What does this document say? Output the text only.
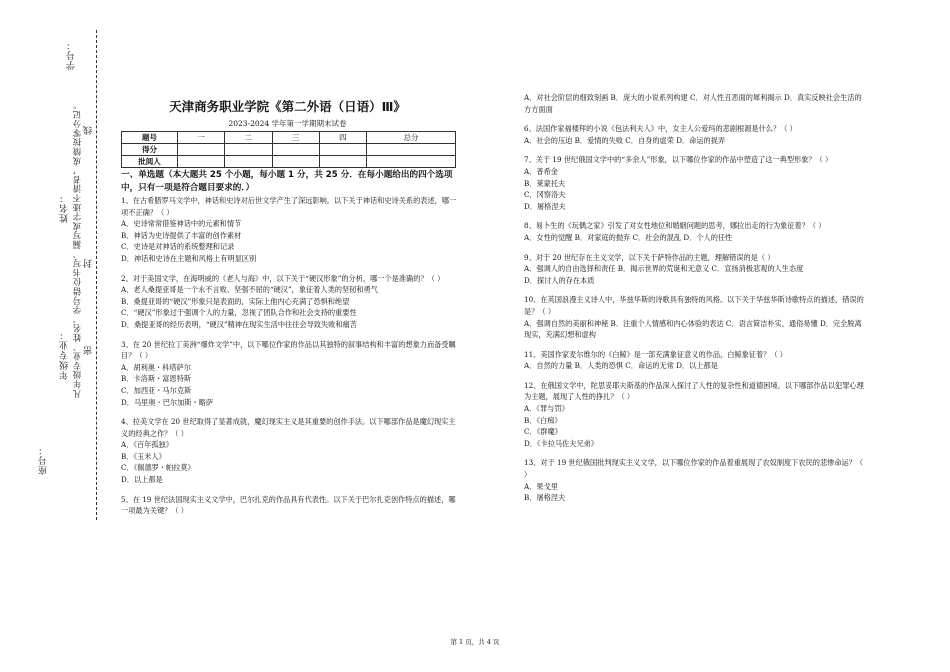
座号：
姓名：
年级专业：
学号：
凡年级专业、姓名、学号错位书写、漏写或字迹不清者，成绩按零分记。 密
封
线
天津商务职业学院《第二外语（日语）Ⅲ》
2023-2024 学年第一学期期末试卷
题号	一	二	三	四	总分
得分					
批阅人					
一、单选题（本大题共 25 个小题，每小题 1 分，共 25 分．在每小题给出的四个选项中，只有一项是符合题目要求的．）

1、在古希腊罗马文学中，神话和史诗对后世文学产生了深远影响。以下关于神话和史诗关系的表述，哪一项不正确？（ ）

A．史诗常常借鉴神话中的元素和情节

B．神话为史诗提供了丰富的创作素材

C．史诗是对神话的系统整理和记录

D．神话和史诗在主题和风格上有明显区别

2、对于美国文学，在海明威的《老人与海》中，以下关于“硬汉形象”的分析，哪一个是准确的？（ ）

A．老人桑提亚哥是一个永不言败、坚强不屈的“硬汉”，象征着人类的坚韧和勇气

B．桑提亚哥的“硬汉”形象只是表面的，实际上他内心充满了恐惧和绝望

C．“硬汉”形象过于强调个人的力量，忽视了团队合作和社会支持的重要性

D．桑提亚哥的经历表明，“硬汉”精神在现实生活中往往会导致失败和痛苦

3、在 20 世纪拉丁美洲“爆炸文学”中，以下哪位作家的作品以其独特的叙事结构和丰富的想象力而备受瞩目？（ ）

A．胡利奥・科塔萨尔

B．卡洛斯・富恩特斯

C．加西亚・马尔克斯

D．马里奥・巴尔加斯・略萨

4、拉美文学在 20 世纪取得了显著成就，魔幻现实主义是其重要的创作手法。以下哪部作品是魔幻现实主义的经典之作？（ ）

A．《百年孤独》

B．《玉米人》

C．《佩德罗・帕拉莫》

D．以上都是

5、在 19 世纪法国现实主义文学中，巴尔扎克的作品具有代表性。以下关于巴尔扎克创作特点的描述，哪一项最为关键？（ ）

A．对社会阶层的细致刻画 B．庞大的小说系列构建 C．对人性丑恶面的犀利揭示 D．真实反映社会生活的方方面面

6、法国作家福楼拜的小说《包法利夫人》中，女主人公爱玛的悲剧根源是什么？（ ）

A．社会的压迫 B．爱情的失败 C．自身的虚荣 D．命运的捉弄

7、关于 19 世纪俄国文学中的“多余人”形象，以下哪位作家的作品中塑造了这一典型形象？（ ）

A．普希金

B．莱蒙托夫

C．冈察洛夫

D．屠格涅夫

8、易卜生的《玩偶之家》引发了对女性地位和婚姻问题的思考，娜拉出走的行为象征着？（ ）

A．女性的觉醒 B．对家庭的抛弃 C．社会的混乱 D．个人的任性

9、对于 20 世纪存在主义文学，以下关于萨特作品的主题，理解错误的是（ ）

A．强调人的自由选择和责任 B．揭示世界的荒诞和无意义 C．宣扬消极悲观的人生态度

D．探讨人的存在本质

10、在英国浪漫主义诗人中，华兹华斯的诗歌具有独特的风格。以下关于华兹华斯诗歌特点的描述，错误的是？（ ）

A．强调自然的美丽和神秘 B．注重个人情感和内心体验的表达 C．语言简洁朴实，通俗易懂 D．完全脱离现实，充满幻想和虚构

11、美国作家麦尔维尔的《白鲸》是一部充满象征意义的作品，白鲸象征着？（ ）

A．自然的力量 B．人类的恐惧 C．命运的无常 D．以上都是

12、在俄国文学中，陀思妥耶夫斯基的作品深入探讨了人性的复杂性和道德困境。以下哪部作品以犯罪心理为主题，展现了人性的挣扎？（ ）

A．《罪与罚》

B．《白痴》

C．《群魔》

D．《卡拉马佐夫兄弟》

13、对于 19 世纪俄国批判现实主义文学，以下哪位作家的作品着重展现了农奴制度下农民的悲惨命运？（ ）

A．果戈里

B．屠格涅夫

第 1 页，共 4 页
